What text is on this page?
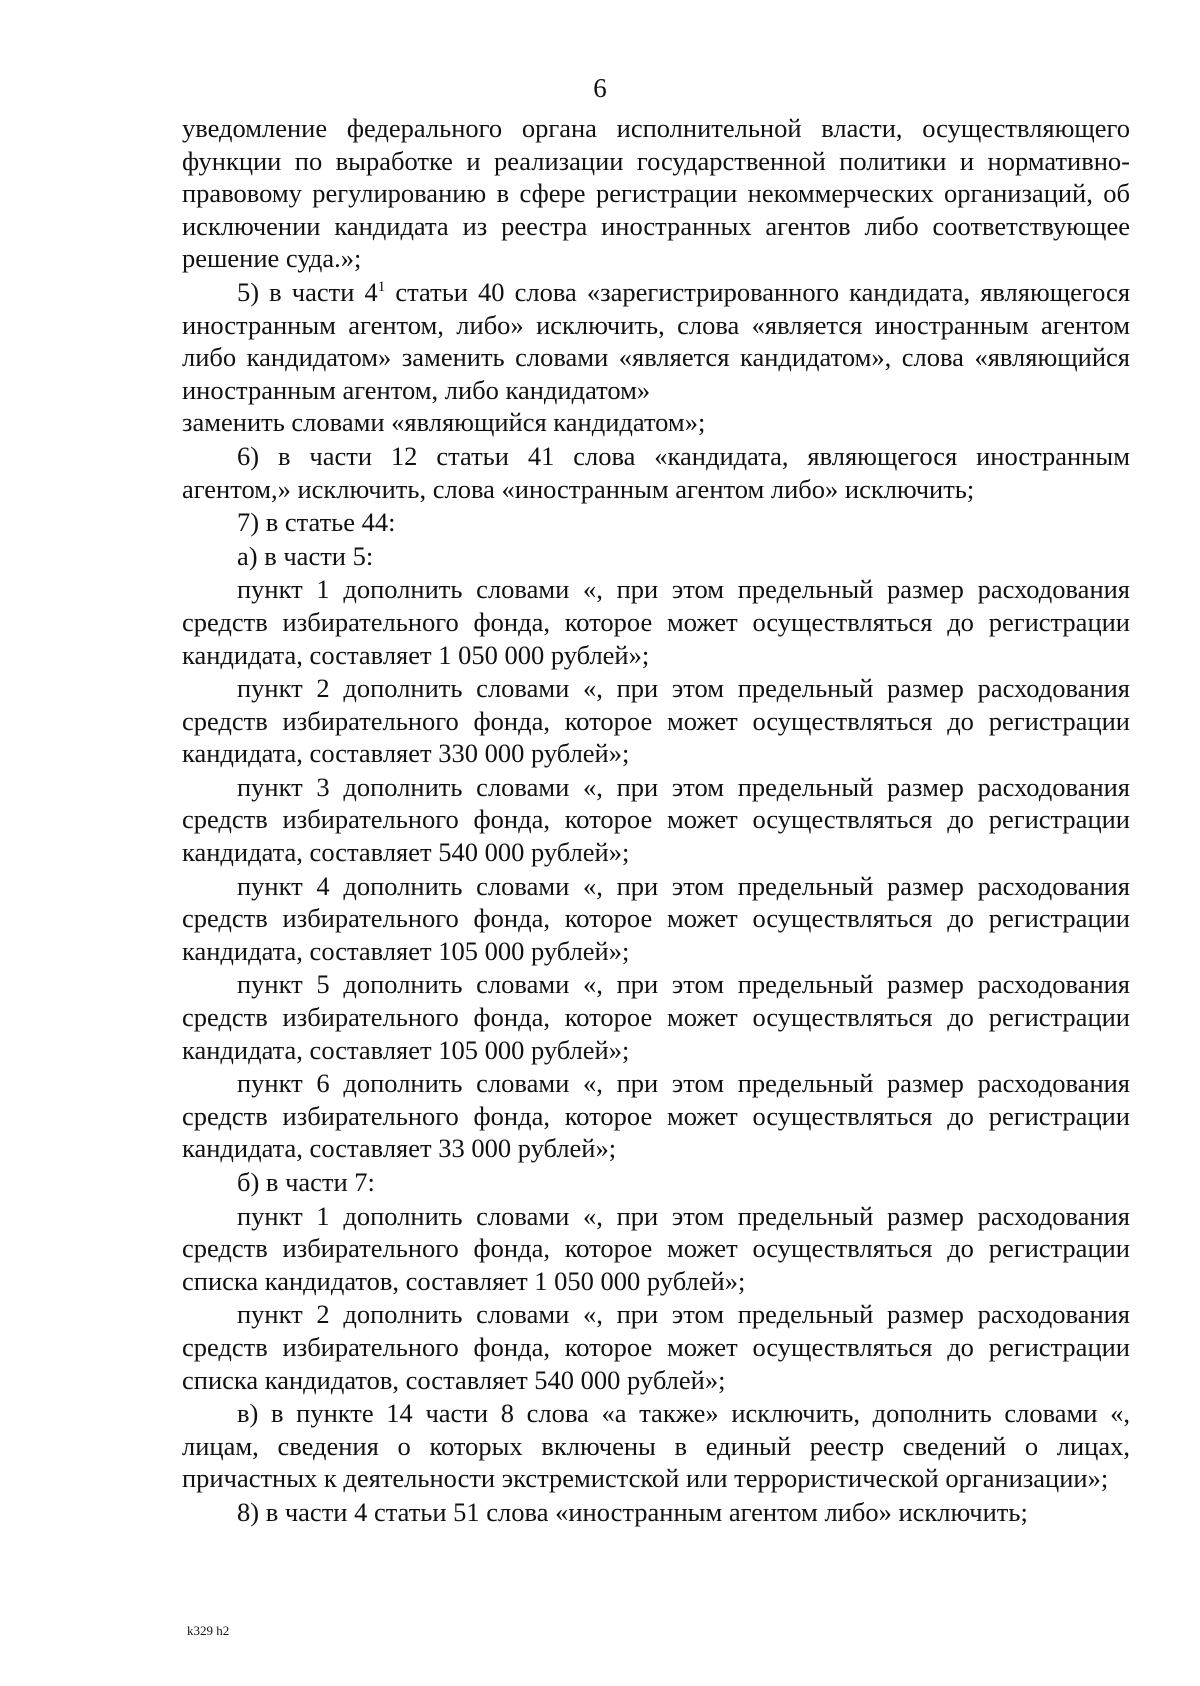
6

уведомление федерального органа исполнительной власти, осуществляющего функции по выработке и реализации государственной политики и нормативно-правовому регулированию в сфере регистрации некоммерческих организаций, об исключении кандидата из реестра иностранных агентов либо соответствующее решение суда.»;

5) в части $4^1$ статьи 40 слова «зарегистрированного кандидата, являющегося иностранным агентом, либо» исключить, слова «является иностранным агентом либо кандидатом» заменить словами «является кандидатом», слова «являющийся иностранным агентом, либо кандидатом»
заменить словами «являющийся кандидатом»;

6) в части 12 статьи 41 слова «кандидата, являющегося иностранным агентом,» исключить, слова «иностранным агентом либо» исключить;

7) в статье 44:

а) в части 5:

пункт 1 дополнить словами «, при этом предельный размер расходования средств избирательного фонда, которое может осуществляться до регистрации кандидата, составляет 1 050 000 рублей»;

пункт 2 дополнить словами «, при этом предельный размер расходования средств избирательного фонда, которое может осуществляться до регистрации кандидата, составляет 330 000 рублей»;

пункт 3 дополнить словами «, при этом предельный размер расходования средств избирательного фонда, которое может осуществляться до регистрации кандидата, составляет 540 000 рублей»;

пункт 4 дополнить словами «, при этом предельный размер расходования средств избирательного фонда, которое может осуществляться до регистрации кандидата, составляет 105 000 рублей»;

пункт 5 дополнить словами «, при этом предельный размер расходования средств избирательного фонда, которое может осуществляться до регистрации кандидата, составляет 105 000 рублей»;

пункт 6 дополнить словами «, при этом предельный размер расходования средств избирательного фонда, которое может осуществляться до регистрации кандидата, составляет 33 000 рублей»;

б) в части 7:

пункт 1 дополнить словами «, при этом предельный размер расходования средств избирательного фонда, которое может осуществляться до регистрации списка кандидатов, составляет 1 050 000 рублей»;

пункт 2 дополнить словами «, при этом предельный размер расходования средств избирательного фонда, которое может осуществляться до регистрации списка кандидатов, составляет 540 000 рублей»;

в) в пункте 14 части 8 слова «а также» исключить, дополнить словами «, лицам, сведения о которых включены в единый реестр сведений о лицах, причастных к деятельности экстремистской или террористической организации»;

8) в части 4 статьи 51 слова «иностранным агентом либо» исключить;

k329 h2
